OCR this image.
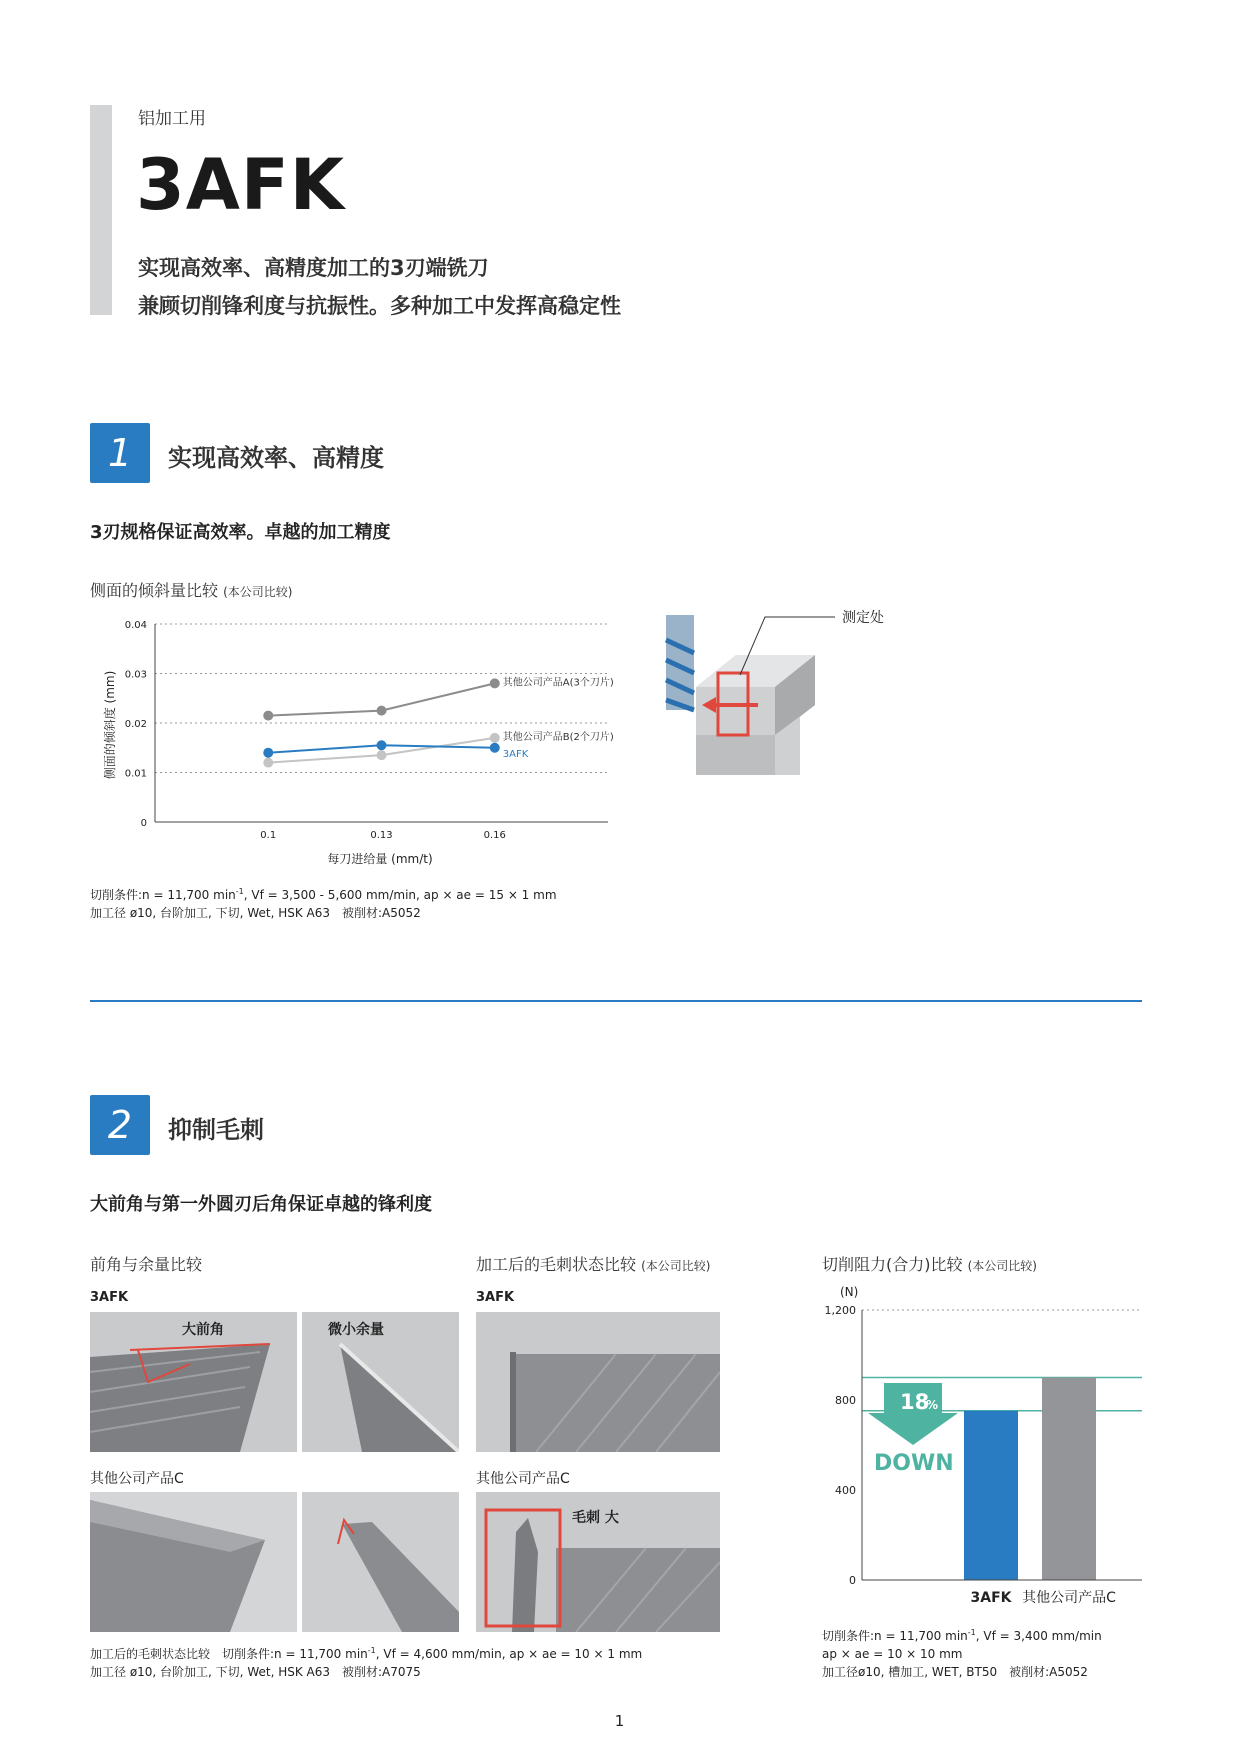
铝加工用
3AFK
实现高效率、高精度加工的3刃端铣刀
兼顾切削锋利度与抗振性。多种加工中发挥高稳定性
1	实现高效率、高精度
3刃规格保证高效率。卓越的加工精度
侧面的倾斜量比较 (本公司比较)
0
0.01
0.02
0.03
0.04
0.1	0.13	0.16
其他公司产品A(3个刀片)
其他公司产品B(2个刀片)
3AFK
每刀进给量 (mm/t)
侧面的倾斜度 (mm)
测定处
切削条件:n = 11,700 $\min^{-1}$, Vf = 3,500 - 5,600 mm/min, ap × ae = 15 × 1 mm
加工径 ø10, 台阶加工, 下切, Wet, HSK A63　被削材:A5052
2	抑制毛刺
大前角与第一外圆刃后角保证卓越的锋利度
前角与余量比较
3AFK
大前角	微小余量
其他公司产品C
加工后的毛刺状态比较 (本公司比较)
3AFK
其他公司产品C
毛刺 大
加工后的毛刺状态比较　切削条件:n = 11,700 $\min^{-1}$, Vf = 4,600 mm/min, ap × ae = 10 × 1 mm
加工径 ø10, 台阶加工, 下切, Wet, HSK A63　被削材:A7075
切削阻力(合力)比较 (本公司比较)
0
400
800
1,200
3AFK 其他公司产品C
(N)
18
%
DOWN
切削条件:n = 11,700 $\min^{-1}$, Vf = 3,400 mm/min
ap × ae = 10 × 10 mm
加工径ø10, 槽加工, WET, BT50　被削材:A5052
1
